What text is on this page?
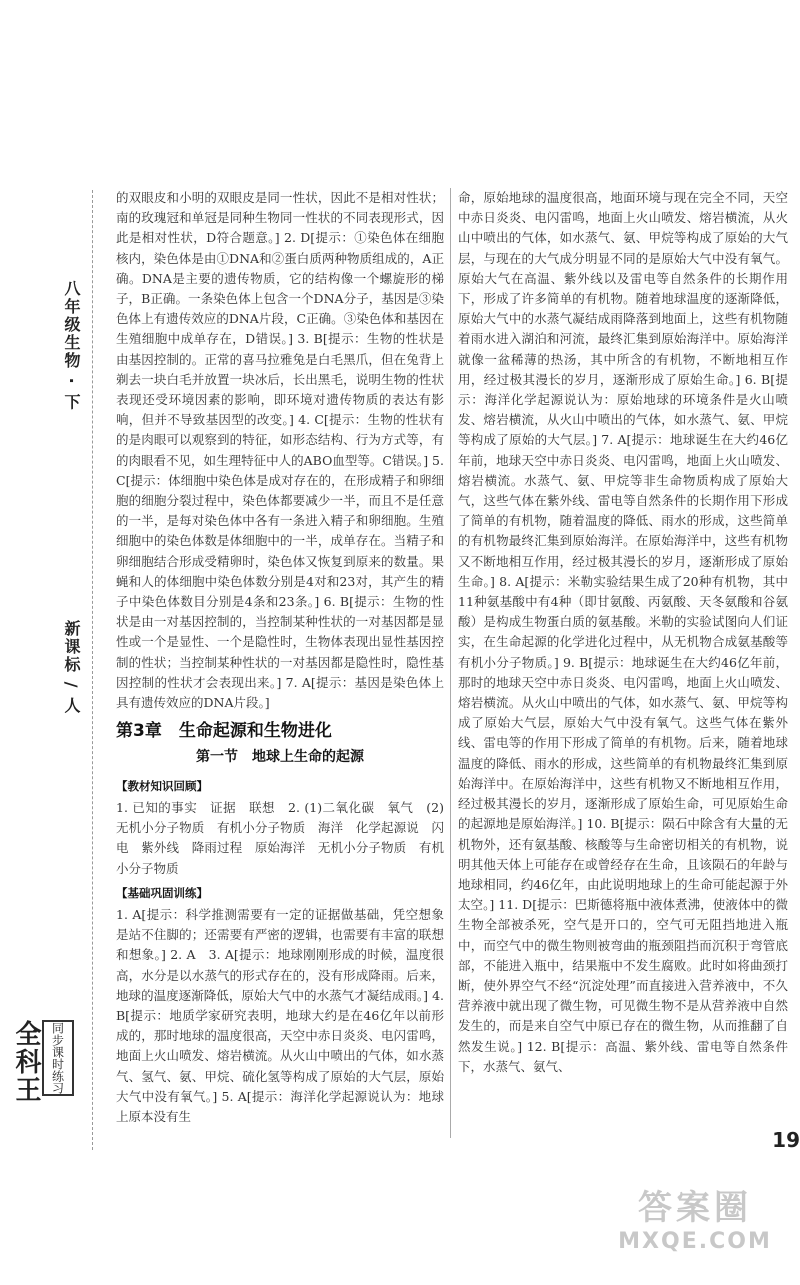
八年级生物 · 下
新课标 / 人
全科王 同步课时练习

的双眼皮和小明的双眼皮是同一性状，因此不是相对性状；南的玫瑰冠和单冠是同种生物同一性状的不同表现形式，因此是相对性状，D符合题意。] 2. D[提示：①染色体在细胞核内，染色体是由①DNA和②蛋白质两种物质组成的，A正确。DNA是主要的遗传物质，它的结构像一个螺旋形的梯子，B正确。一条染色体上包含一个DNA分子，基因是③染色体上有遗传效应的DNA片段，C正确。③染色体和基因在生殖细胞中成单存在，D错误。] 3. B[提示：生物的性状是由基因控制的。正常的喜马拉雅兔是白毛黑爪，但在兔背上剃去一块白毛并放置一块冰后，长出黑毛，说明生物的性状表现还受环境因素的影响，即环境对遗传物质的表达有影响，但并不导致基因型的改变。] 4. C[提示：生物的性状有的是肉眼可以观察到的特征，如形态结构、行为方式等，有的肉眼看不见，如生理特征中人的ABO血型等。C错误。] 5. C[提示：体细胞中染色体是成对存在的，在形成精子和卵细胞的细胞分裂过程中，染色体都要减少一半，而且不是任意的一半，是每对染色体中各有一条进入精子和卵细胞。生殖细胞中的染色体数是体细胞中的一半，成单存在。当精子和卵细胞结合形成受精卵时，染色体又恢复到原来的数量。果蝇和人的体细胞中染色体数分别是4对和23对，其产生的精子中染色体数目分别是4条和23条。] 6. B[提示：生物的性状是由一对基因控制的，当控制某种性状的一对基因都是显性或一个是显性、一个是隐性时，生物体表现出显性基因控制的性状；当控制某种性状的一对基因都是隐性时，隐性基因控制的性状才会表现出来。] 7. A[提示：基因是染色体上具有遗传效应的DNA片段。]

第3章　生命起源和生物进化
第一节　地球上生命的起源
【教材知识回顾】

1. 已知的事实　证据　联想　2. (1)二氧化碳　氧气　(2)无机小分子物质　有机小分子物质　海洋　化学起源说　闪电　紫外线　降雨过程　原始海洋　无机小分子物质　有机小分子物质

【基础巩固训练】

1. A[提示：科学推测需要有一定的证据做基础，凭空想象是站不住脚的；还需要有严密的逻辑，也需要有丰富的联想和想象。] 2. A　3. A[提示：地球刚刚形成的时候，温度很高，水分是以水蒸气的形式存在的，没有形成降雨。后来，地球的温度逐渐降低，原始大气中的水蒸气才凝结成雨。] 4. B[提示：地质学家研究表明，地球大约是在46亿年以前形成的，那时地球的温度很高，天空中赤日炎炎、电闪雷鸣，地面上火山喷发、熔岩横流。从火山中喷出的气体，如水蒸气、氢气、氨、甲烷、硫化氢等构成了原始的大气层，原始大气中没有氧气。] 5. A[提示：海洋化学起源说认为：地球上原本没有生

命，原始地球的温度很高，地面环境与现在完全不同，天空中赤日炎炎、电闪雷鸣，地面上火山喷发、熔岩横流，从火山中喷出的气体，如水蒸气、氨、甲烷等构成了原始的大气层，与现在的大气成分明显不同的是原始大气中没有氧气。原始大气在高温、紫外线以及雷电等自然条件的长期作用下，形成了许多简单的有机物。随着地球温度的逐渐降低，原始大气中的水蒸气凝结成雨降落到地面上，这些有机物随着雨水进入湖泊和河流，最终汇集到原始海洋中。原始海洋就像一盆稀薄的热汤，其中所含的有机物，不断地相互作用，经过极其漫长的岁月，逐渐形成了原始生命。] 6. B[提示：海洋化学起源说认为：原始地球的环境条件是火山喷发、熔岩横流，从火山中喷出的气体，如水蒸气、氨、甲烷等构成了原始的大气层。] 7. A[提示：地球诞生在大约46亿年前，地球天空中赤日炎炎、电闪雷鸣，地面上火山喷发、熔岩横流。水蒸气、氨、甲烷等非生命物质构成了原始大气，这些气体在紫外线、雷电等自然条件的长期作用下形成了简单的有机物，随着温度的降低、雨水的形成，这些简单的有机物最终汇集到原始海洋。在原始海洋中，这些有机物又不断地相互作用，经过极其漫长的岁月，逐渐形成了原始生命。] 8. A[提示：米勒实验结果生成了20种有机物，其中11种氨基酸中有4种（即甘氨酸、丙氨酸、天冬氨酸和谷氨酸）是构成生物蛋白质的氨基酸。米勒的实验试图向人们证实，在生命起源的化学进化过程中，从无机物合成氨基酸等有机小分子物质。] 9. B[提示：地球诞生在大约46亿年前，那时的地球天空中赤日炎炎、电闪雷鸣，地面上火山喷发、熔岩横流。从火山中喷出的气体，如水蒸气、氨、甲烷等构成了原始大气层，原始大气中没有氧气。这些气体在紫外线、雷电等的作用下形成了简单的有机物。后来，随着地球温度的降低、雨水的形成，这些简单的有机物最终汇集到原始海洋中。在原始海洋中，这些有机物又不断地相互作用，经过极其漫长的岁月，逐渐形成了原始生命，可见原始生命的起源地是原始海洋。] 10. B[提示：陨石中除含有大量的无机物外，还有氨基酸、核酸等与生命密切相关的有机物，说明其他天体上可能存在或曾经存在生命，且该陨石的年龄与地球相同，约46亿年，由此说明地球上的生命可能起源于外太空。] 11. D[提示：巴斯德将瓶中液体煮沸，使液体中的微生物全部被杀死，空气是开口的，空气可无阻挡地进入瓶中，而空气中的微生物则被弯曲的瓶颈阻挡而沉积于弯管底部，不能进入瓶中，结果瓶中不发生腐败。此时如将曲颈打断，使外界空气不经“沉淀处理”而直接进入营养液中，不久营养液中就出现了微生物，可见微生物不是从营养液中自然发生的，而是来自空气中原已存在的微生物，从而推翻了自然发生说。] 12. B[提示：高温、紫外线、雷电等自然条件下，水蒸气、氨气、

19
答案圈
MXQE.COM
